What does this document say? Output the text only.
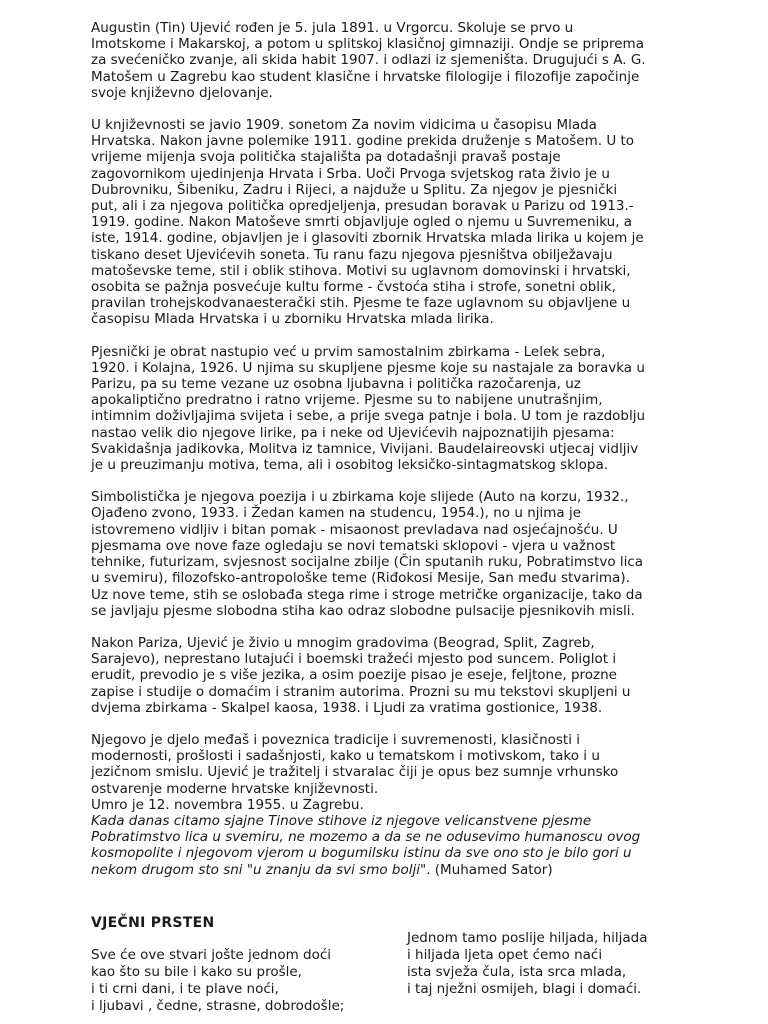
Augustin (Tin) Ujević rođen je 5. jula 1891. u Vrgorcu. Skoluje se prvo u
Imotskome i Makarskoj, a potom u splitskoj klasičnoj gimnaziji. Ondje se priprema
za svećeničko zvanje, ali skida habit 1907. i odlazi iz sjemeništa. Drugujući s A. G.
Matošem u Zagrebu kao student klasične i hrvatske filologije i filozofije započinje
svoje književno djelovanje.

U književnosti se javio 1909. sonetom Za novim vidicima u časopisu Mlada
Hrvatska. Nakon javne polemike 1911. godine prekida druženje s Matošem. U to
vrijeme mijenja svoja politička stajališta pa dotadašnji pravaš postaje
zagovornikom ujedinjenja Hrvata i Srba. Uoči Prvoga svjetskog rata živio je u
Dubrovniku, Šibeniku, Zadru i Rijeci, a najduže u Splitu. Za njegov je pjesnički
put, ali i za njegova politička opredjeljenja, presudan boravak u Parizu od 1913.-
1919. godine. Nakon Matoševe smrti objavljuje ogled o njemu u Suvremeniku, a
iste, 1914. godine, objavljen je i glasoviti zbornik Hrvatska mlada lirika u kojem je
tiskano deset Ujevićevih soneta. Tu ranu fazu njegova pjesništva obilježavaju
matoševske teme, stil i oblik stihova. Motivi su uglavnom domovinski i hrvatski,
osobita se pažnja posvećuje kultu forme - čvstoća stiha i strofe, sonetni oblik,
pravilan trohejskodvanaesterački stih. Pjesme te faze uglavnom su objavljene u
časopisu Mlada Hrvatska i u zborniku Hrvatska mlada lirika.

Pjesnički je obrat nastupio već u prvim samostalnim zbirkama - Lelek sebra,
1920. i Kolajna, 1926. U njima su skupljene pjesme koje su nastajale za boravka u
Parizu, pa su teme vezane uz osobna ljubavna i politička razočarenja, uz
apokaliptično predratno i ratno vrijeme. Pjesme su to nabijene unutrašnjim,
intimnim doživljajima svijeta i sebe, a prije svega patnje i bola. U tom je razdoblju
nastao velik dio njegove lirike, pa i neke od Ujevićevih najpoznatijih pjesama:
Svakidašnja jadikovka, Molitva iz tamnice, Vivijani. Baudelaireovski utjecaj vidljiv
je u preuzimanju motiva, tema, ali i osobitog leksičko-sintagmatskog sklopa.

Simbolistička je njegova poezija i u zbirkama koje slijede (Auto na korzu, 1932.,
Ojađeno zvono, 1933. i Žedan kamen na studencu, 1954.), no u njima je
istovremeno vidljiv i bitan pomak - misaonost prevladava nad osjećajnošću. U
pjesmama ove nove faze ogledaju se novi tematski sklopovi - vjera u važnost
tehnike, futurizam, svjesnost socijalne zbilje (Čin sputanih ruku, Pobratimstvo lica
u svemiru), filozofsko-antropološke teme (Riđokosi Mesije, San među stvarima).
Uz nove teme, stih se oslobađa stega rime i stroge metričke organizacije, tako da
se javljaju pjesme slobodna stiha kao odraz slobodne pulsacije pjesnikovih misli.

Nakon Pariza, Ujević je živio u mnogim gradovima (Beograd, Split, Zagreb,
Sarajevo), neprestano lutajući i boemski tražeći mjesto pod suncem. Poliglot i
erudit, prevodio je s više jezika, a osim poezije pisao je eseje, feljtone, prozne
zapise i studije o domaćim i stranim autorima. Prozni su mu tekstovi skupljeni u
dvjema zbirkama - Skalpel kaosa, 1938. i Ljudi za vratima gostionice, 1938.

Njegovo je djelo međaš i poveznica tradicije i suvremenosti, klasičnosti i
modernosti, prošlosti i sadašnjosti, kako u tematskom i motivskom, tako i u
jezičnom smislu. Ujević je tražitelj i stvaralac čiji je opus bez sumnje vrhunsko
ostvarenje moderne hrvatske književnosti.
Umro je 12. novembra 1955. u Zagrebu.
Kada danas citamo sjajne Tinove stihove iz njegove velicanstvene pjesme
Pobratimstvo lica u svemiru, ne mozemo a da se ne odusevimo humanoscu ovog
kosmopolite i njegovom vjerom u bogumilsku istinu da sve ono sto je bilo gori u
nekom drugom sto sni "u znanju da svi smo bolji". (Muhamed Sator)

VJEČNI PRSTEN
Sve će ove stvari jošte jednom doći
kao što su bile i kako su prošle,
i ti crni dani, i te plave noći,
i ljubavi , čedne, strasne, dobrodošle;
Jednom tamo poslije hiljada, hiljada
i hiljada ljeta opet ćemo naći
ista svježa čula, ista srca mlada,
i taj nježni osmijeh, blagi i domaći.
